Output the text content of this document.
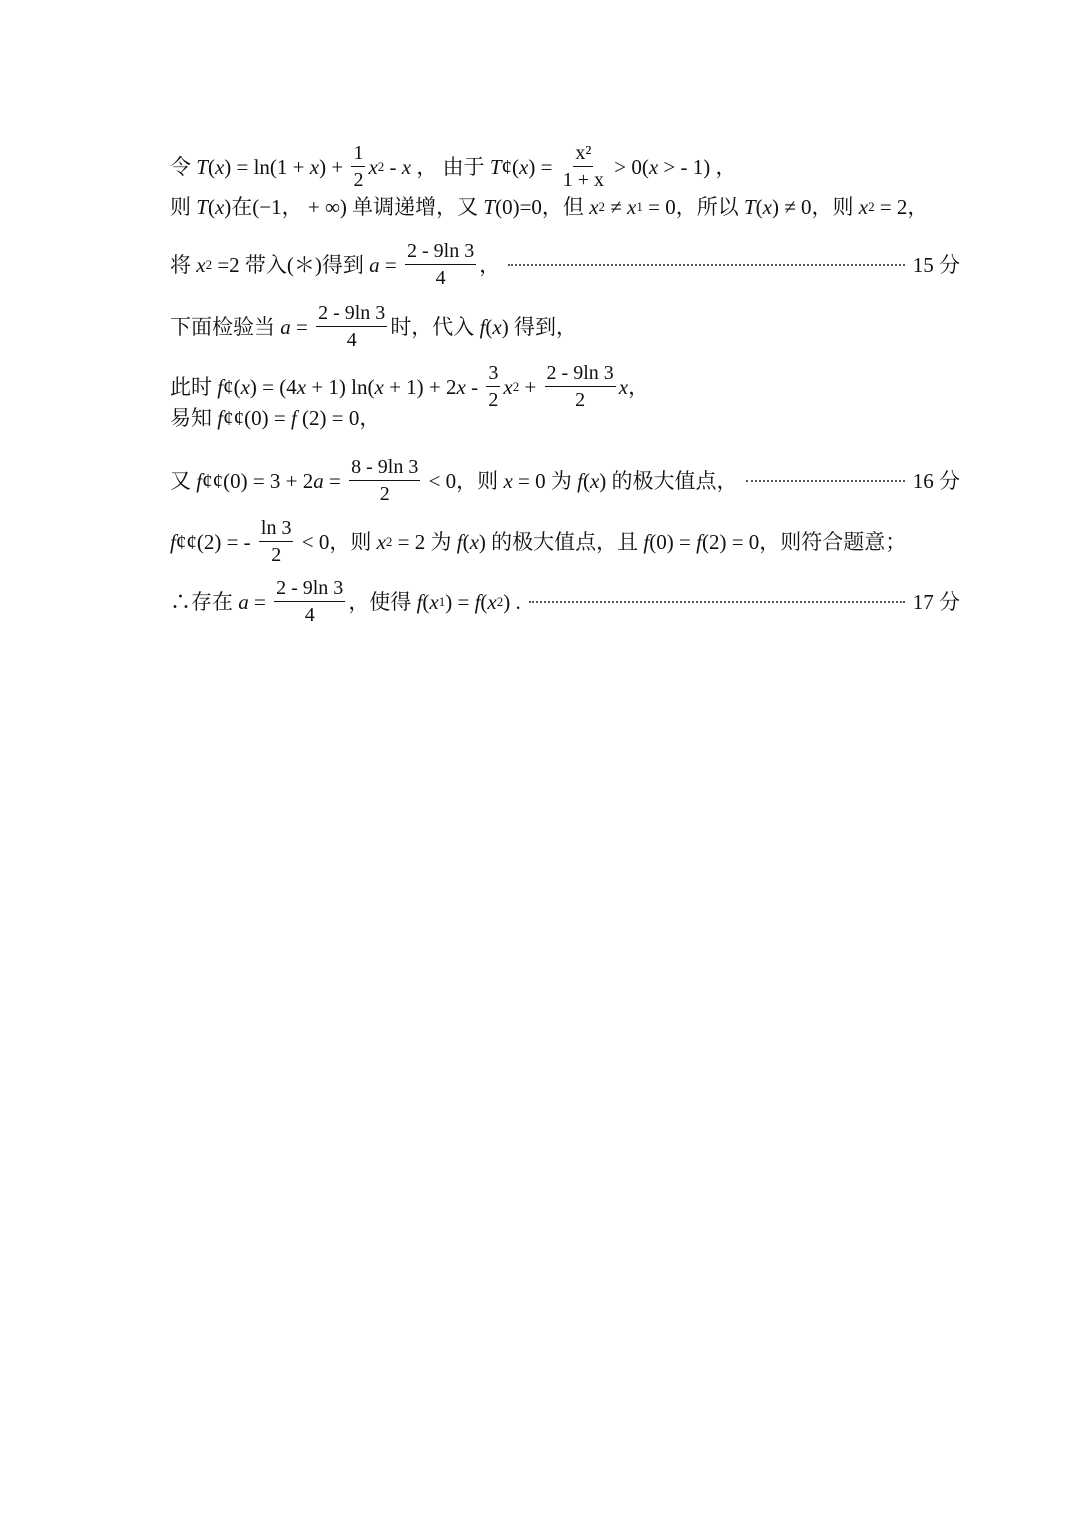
令 T ( x ) = ln(1 + x ) + $\frac{1}{2}$ x 2 - x ， 由于 T ¢( x ) = $\frac{\text{x²}}{1 + x} > 0$( x > - 1) ，
则 T ( x )在(−1， + ∞) 单调递增，又 T (0)=0，但 x 2 ≠ x 1 = 0，所以 T ( x ) ≠ 0，则 x 2 = 2，
将 x 2 =2 带入(＊)得到 $a = \frac{2 - 9\ln 3}{4}$ ，	15 分
下面检验当 $a = \frac{2 - 9\ln 3}{4}$ 时，代入 f ( x ) 得到，
此时 f ¢( x ) = (4 x + 1) ln( x + 1) + 2 x - $\frac{3}{2}$ x $2 + \frac{2 - 9\ln 3}{2}$ x ，
易知 f ¢¢(0) = f (2) = 0，
又 f ¢¢(0) = 3 + 2 $a = \frac{8 - 9\ln 3}{2} < 0$，则 x = 0 为 f ( x ) 的极大值点，	16 分
f ¢¢(2) = - $\frac{\ln 3}{2} < 0$，则 x 2 = 2 为 f ( x ) 的极大值点，且 f (0) = f (2) = 0，则符合题意；
∴存在 $a = \frac{2 - 9\ln 3}{4}$ ，使得 f ( x 1 ) = f ( x 2 ) .	17 分
